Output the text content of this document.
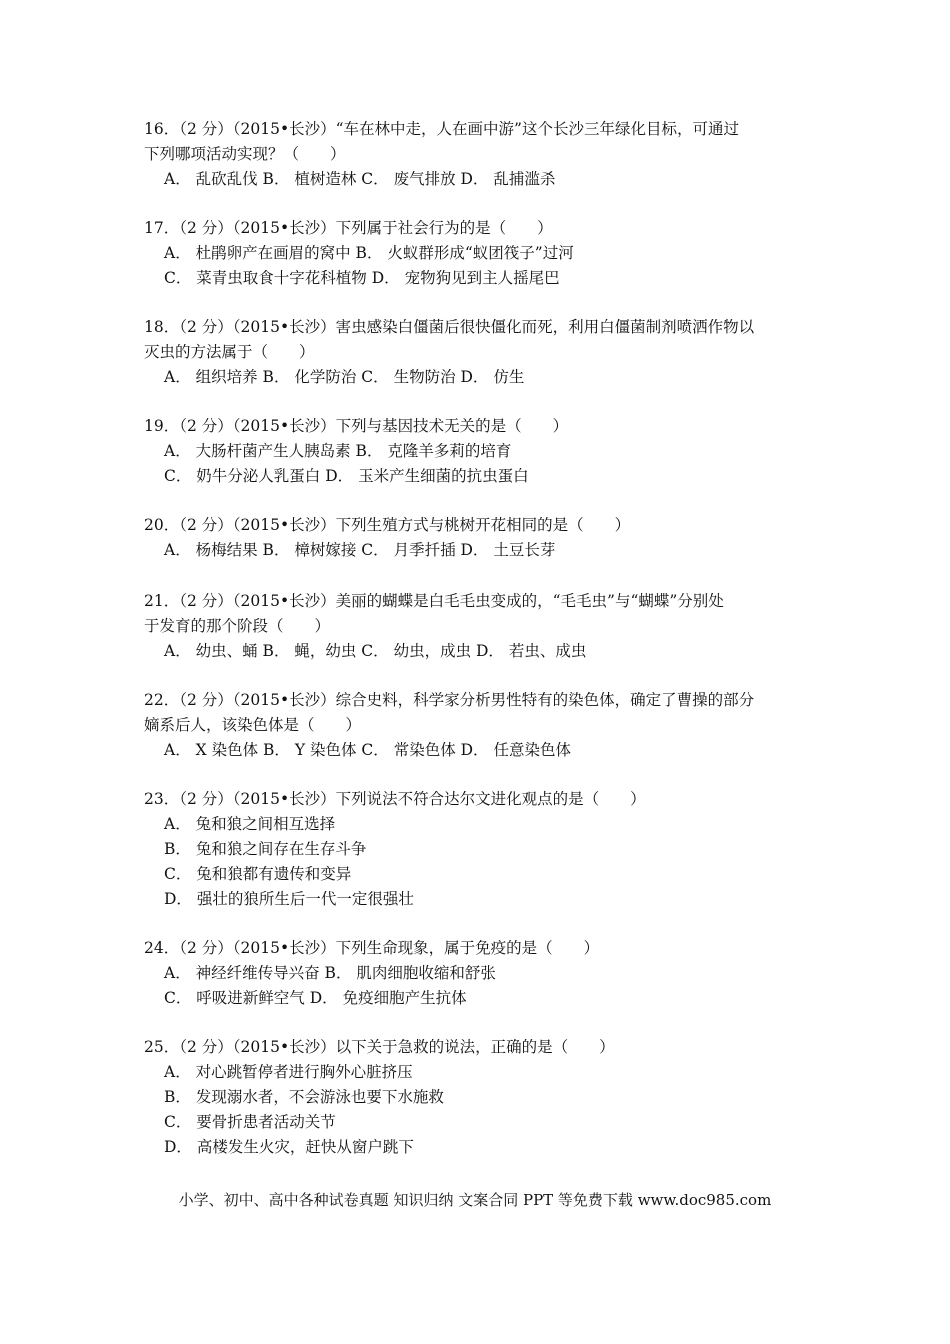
16．（2 分）（2015•长沙）“车在林中走，人在画中游”这个长沙三年绿化目标，可通过
下列哪项活动实现？（　　）
A． 乱砍乱伐 B． 植树造林 C． 废气排放 D． 乱捕滥杀
17．（2 分）（2015•长沙）下列属于社会行为的是（　　）
A． 杜鹃卵产在画眉的窝中 B． 火蚁群形成“蚁团筏子”过河
C． 菜青虫取食十字花科植物 D． 宠物狗见到主人摇尾巴
18．（2 分）（2015•长沙）害虫感染白僵菌后很快僵化而死，利用白僵菌制剂喷洒作物以
灭虫的方法属于（　　）
A． 组织培养 B． 化学防治 C． 生物防治 D． 仿生
19．（2 分）（2015•长沙）下列与基因技术无关的是（　　）
A． 大肠杆菌产生人胰岛素 B． 克隆羊多莉的培育
C． 奶牛分泌人乳蛋白 D． 玉米产生细菌的抗虫蛋白
20．（2 分）（2015•长沙）下列生殖方式与桃树开花相同的是（　　）
A． 杨梅结果 B． 樟树嫁接 C． 月季扦插 D． 土豆长芽
21．（2 分）（2015•长沙）美丽的蝴蝶是白毛毛虫变成的，“毛毛虫”与“蝴蝶”分别处
于发育的那个阶段（　　）
A． 幼虫、蛹 B． 蝇，幼虫 C． 幼虫，成虫 D． 若虫、成虫
22．（2 分）（2015•长沙）综合史料，科学家分析男性特有的染色体，确定了曹操的部分
嫡系后人，该染色体是（　　）
A． X 染色体 B． Y 染色体 C． 常染色体 D． 任意染色体
23．（2 分）（2015•长沙）下列说法不符合达尔文进化观点的是（　　）
A． 兔和狼之间相互选择
B． 兔和狼之间存在生存斗争
C． 兔和狼都有遗传和变异
D． 强壮的狼所生后一代一定很强壮
24．（2 分）（2015•长沙）下列生命现象，属于免疫的是（　　）
A． 神经纤维传导兴奋 B． 肌肉细胞收缩和舒张
C． 呼吸进新鲜空气 D． 免疫细胞产生抗体
25．（2 分）（2015•长沙）以下关于急救的说法，正确的是（　　）
A． 对心跳暂停者进行胸外心脏挤压
B． 发现溺水者，不会游泳也要下水施救
C． 要骨折患者活动关节
D． 高楼发生火灾，赶快从窗户跳下
小学、初中、高中各种试卷真题 知识归纳 文案合同 PPT 等免费下载 www.doc985.com
